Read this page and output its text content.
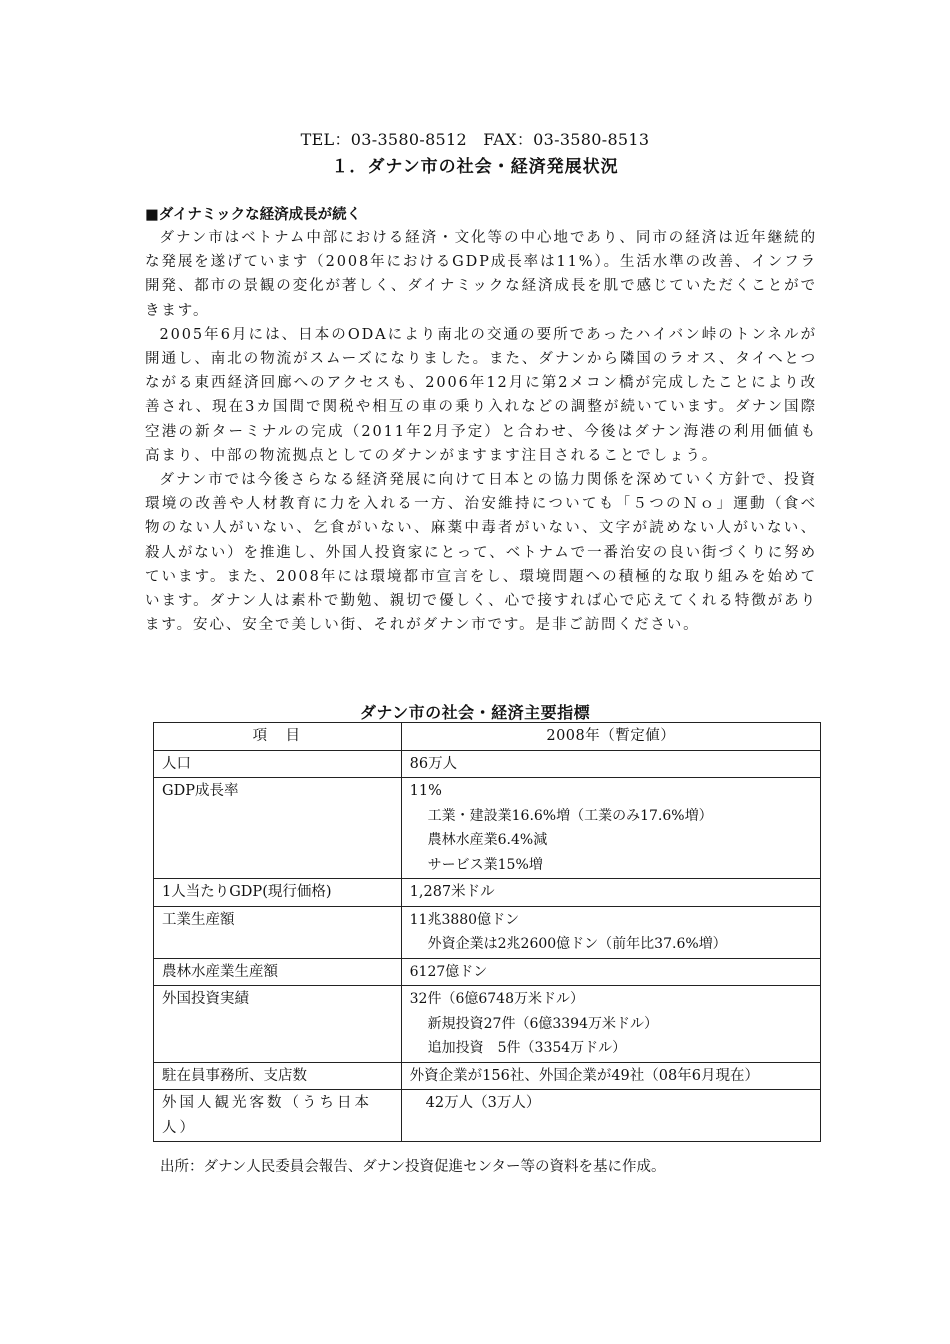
TEL：03-3580-8512　FAX：03-3580-8513
１．ダナン市の社会・経済発展状況
■ダイナミックな経済成長が続く

ダナン市はベトナム中部における経済・文化等の中心地であり、同市の経済は近年継続的な発展を遂げています（2008年におけるGDP成長率は11%）。生活水準の改善、インフラ開発、都市の景観の変化が著しく、ダイナミックな経済成長を肌で感じていただくことができます。

2005年6月には、日本のODAにより南北の交通の要所であったハイバン峠のトンネルが開通し、南北の物流がスムーズになりました。また、ダナンから隣国のラオス、タイへとつながる東西経済回廊へのアクセスも、2006年12月に第2メコン橋が完成したことにより改善され、現在3カ国間で関税や相互の車の乗り入れなどの調整が続いています。ダナン国際空港の新ターミナルの完成（2011年2月予定）と合わせ、今後はダナン海港の利用価値も高まり、中部の物流拠点としてのダナンがますます注目されることでしょう。

ダナン市では今後さらなる経済発展に向けて日本との協力関係を深めていく方針で、投資環境の改善や人材教育に力を入れる一方、治安維持についても「５つのＮｏ」運動（食べ物のない人がいない、乞食がいない、麻薬中毒者がいない、文字が読めない人がいない、殺人がない）を推進し、外国人投資家にとって、ベトナムで一番治安の良い街づくりに努めています。また、2008年には環境都市宣言をし、環境問題への積極的な取り組みを始めています。ダナン人は素朴で勤勉、親切で優しく、心で接すれば心で応えてくれる特徴があります。安心、安全で美しい街、それがダナン市です。是非ご訪問ください。

ダナン市の社会・経済主要指標
項　目	2008年（暫定値）
人口	86万人
GDP成長率	11%
工業・建設業16.6%増（工業のみ17.6%増）
農林水産業6.4%減
サービス業15%増

1人当たりGDP(現行価格)	1,287米ドル
工業生産額	11兆3880億ドン
外資企業は2兆2600億ドン（前年比37.6%増）

農林水産業生産額	6127億ドン
外国投資実績	32件（6億6748万米ドル）
新規投資27件（6億3394万米ドル）
追加投資　5件（3354万ドル）

駐在員事務所、支店数	外資企業が156社、外国企業が49社（08年6月現在）
外国人観光客数（うち日本人）	42万人（3万人）
出所：ダナン人民委員会報告、ダナン投資促進センター等の資料を基に作成。
